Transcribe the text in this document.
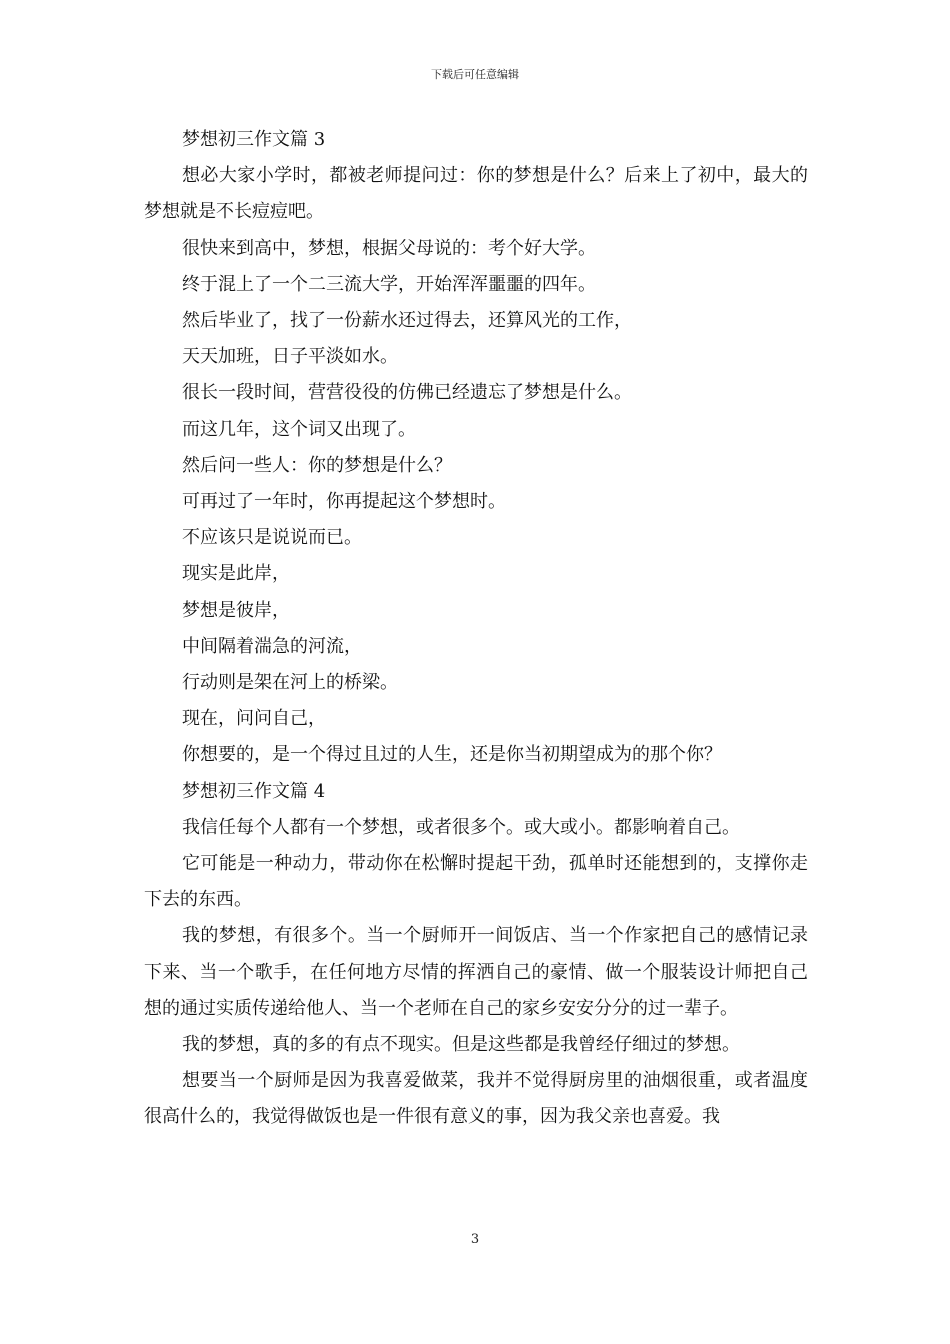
下载后可任意编辑

梦想初三作文篇 3

想必大家小学时，都被老师提问过：你的梦想是什么？后来上了初中，最大的梦想就是不长痘痘吧。

很快来到高中，梦想，根据父母说的：考个好大学。

终于混上了一个二三流大学，开始浑浑噩噩的四年。

然后毕业了，找了一份薪水还过得去，还算风光的工作，

天天加班，日子平淡如水。

很长一段时间，营营役役的仿佛已经遗忘了梦想是什么。

而这几年，这个词又出现了。

然后问一些人：你的梦想是什么？

可再过了一年时，你再提起这个梦想时。

不应该只是说说而已。

现实是此岸，

梦想是彼岸，

中间隔着湍急的河流，

行动则是架在河上的桥梁。

现在，问问自己，

你想要的，是一个得过且过的人生，还是你当初期望成为的那个你？

梦想初三作文篇 4

我信任每个人都有一个梦想，或者很多个。或大或小。都影响着自己。

它可能是一种动力，带动你在松懈时提起干劲，孤单时还能想到的，支撑你走下去的东西。

我的梦想，有很多个。当一个厨师开一间饭店、当一个作家把自己的感情记录下来、当一个歌手，在任何地方尽情的挥洒自己的豪情、做一个服装设计师把自己想的通过实质传递给他人、当一个老师在自己的家乡安安分分的过一辈子。

我的梦想，真的多的有点不现实。但是这些都是我曾经仔细过的梦想。

想要当一个厨师是因为我喜爱做菜，我并不觉得厨房里的油烟很重，或者温度很高什么的，我觉得做饭也是一件很有意义的事，因为我父亲也喜爱。我

3
